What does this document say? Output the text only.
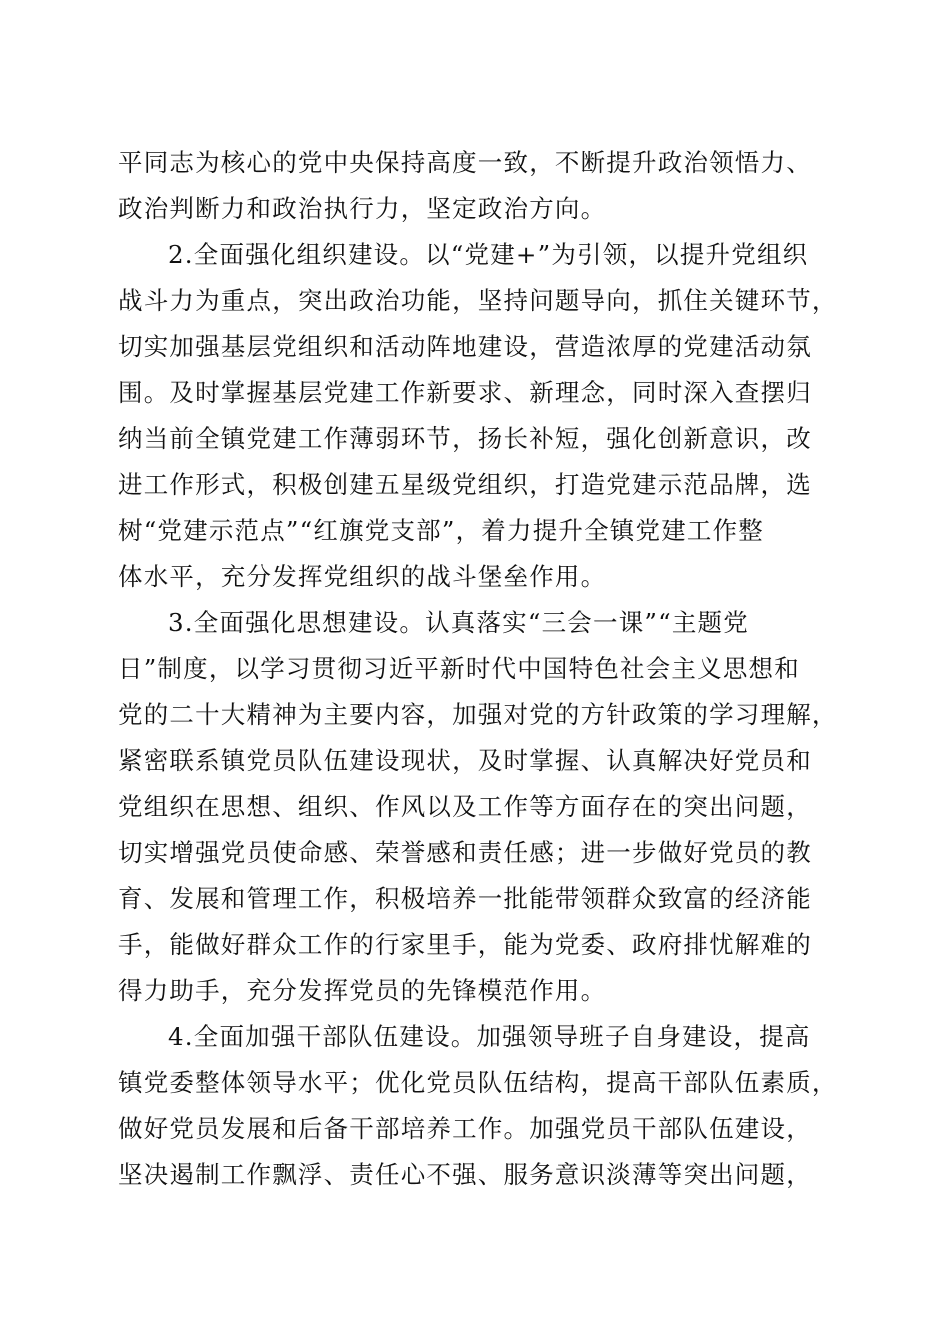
平同志为核心的党中央保持高度一致，不断提升政治领悟力、
政治判断力和政治执行力，坚定政治方向。
2.全面强化组织建设。以“党建+”为引领，以提升党组织
战斗力为重点，突出政治功能，坚持问题导向，抓住关键环节，
切实加强基层党组织和活动阵地建设，营造浓厚的党建活动氛
围。及时掌握基层党建工作新要求、新理念，同时深入查摆归
纳当前全镇党建工作薄弱环节，扬长补短，强化创新意识，改
进工作形式，积极创建五星级党组织，打造党建示范品牌，选
树“党建示范点”“红旗党支部”，着力提升全镇党建工作整
体水平，充分发挥党组织的战斗堡垒作用。
3.全面强化思想建设。认真落实“三会一课”“主题党
日”制度，以学习贯彻习近平新时代中国特色社会主义思想和
党的二十大精神为主要内容，加强对党的方针政策的学习理解，
紧密联系镇党员队伍建设现状，及时掌握、认真解决好党员和
党组织在思想、组织、作风以及工作等方面存在的突出问题，
切实增强党员使命感、荣誉感和责任感；进一步做好党员的教
育、发展和管理工作，积极培养一批能带领群众致富的经济能
手，能做好群众工作的行家里手，能为党委、政府排忧解难的
得力助手，充分发挥党员的先锋模范作用。
4.全面加强干部队伍建设。加强领导班子自身建设，提高
镇党委整体领导水平；优化党员队伍结构，提高干部队伍素质，
做好党员发展和后备干部培养工作。加强党员干部队伍建设，
坚决遏制工作飘浮、责任心不强、服务意识淡薄等突出问题，
